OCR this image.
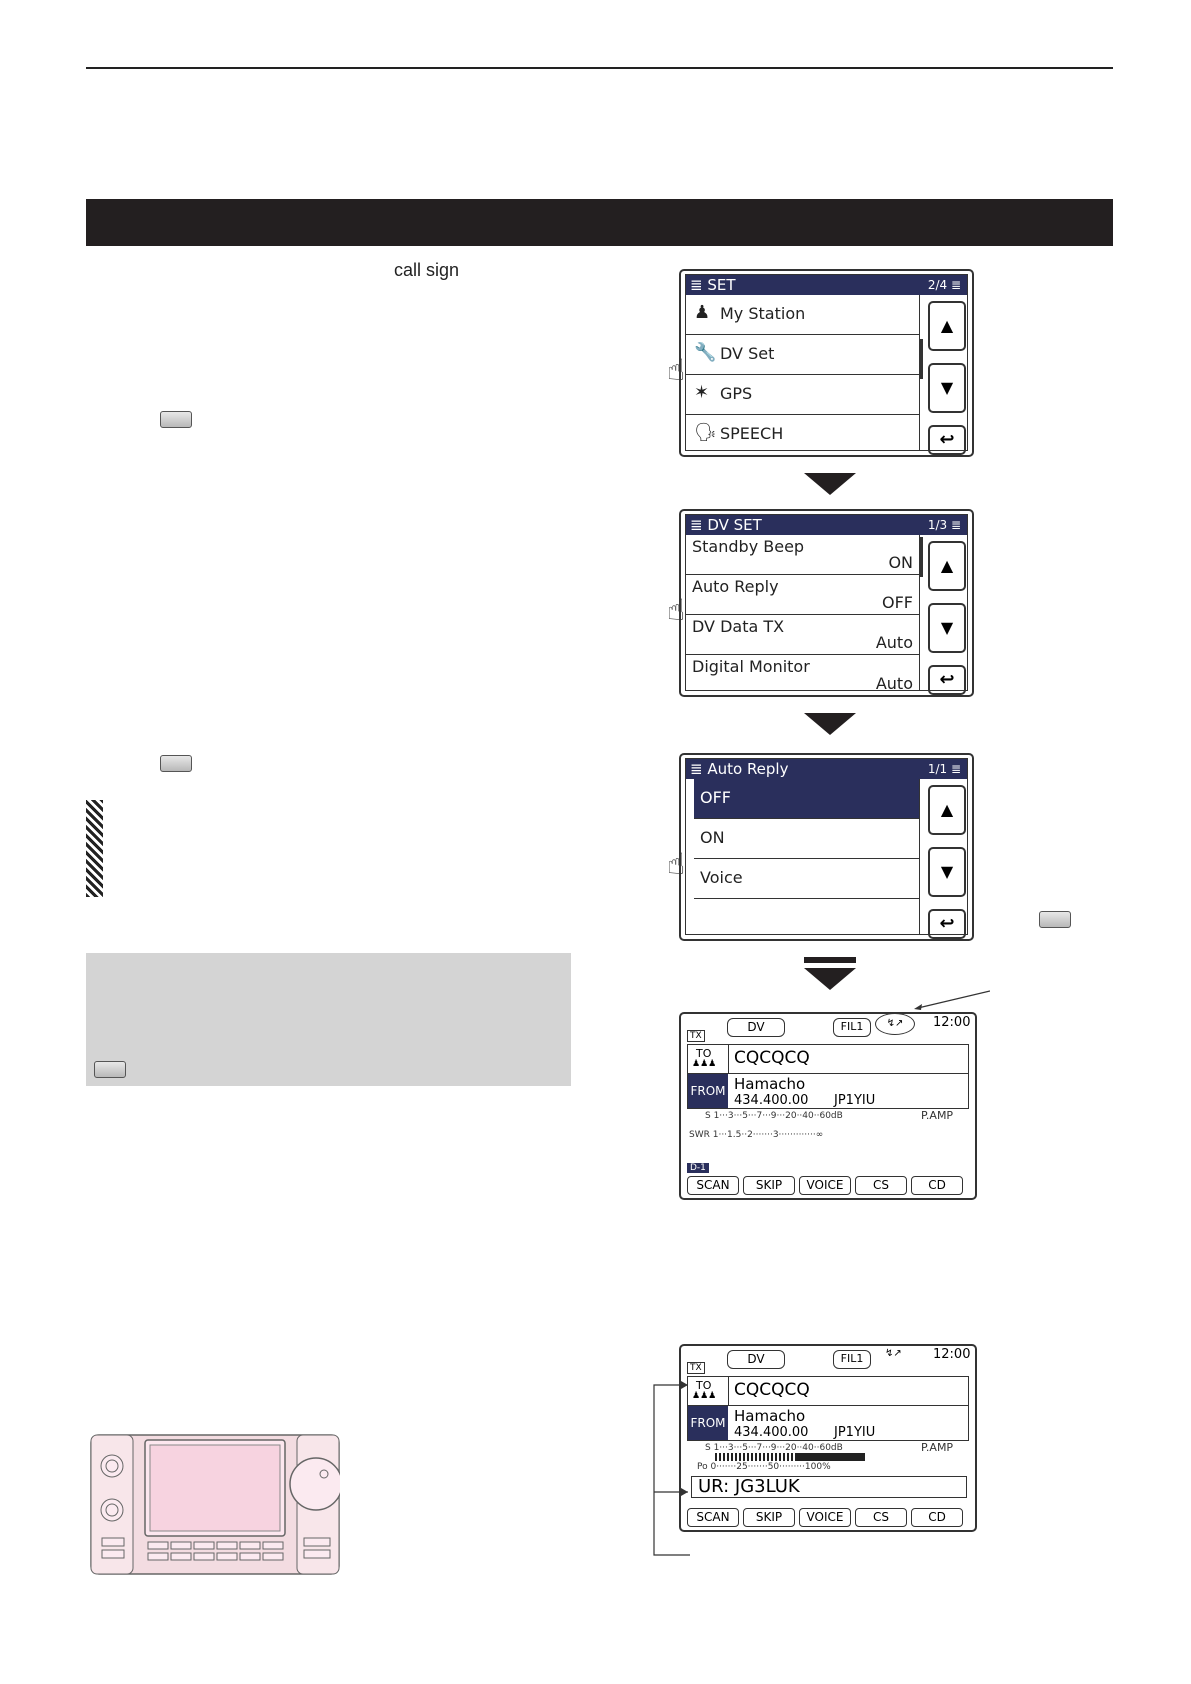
call sign
≣ SET	2/4 ≣
♟ My Station
🔧 DV Set
✶ GPS
🗣 SPEECH
▲
▼
↩
☝
≣ DV SET	1/3 ≣
Standby Beep
ON
Auto Reply
OFF
DV Data TX
Auto
Digital Monitor
Auto
▲
▼
↩
☝
≣ Auto Reply	1/1 ≣
OFF
ON
Voice
▲
▼
↩
☝
TX
DV	FIL1	↯↗	12:00
TO
♟♟♟ CQCQCQ
FROM Hamacho
434.400.00 JP1YIU
S 1···3···5···7···9···20··40··60dB	P.AMP
SWR 1···1.5··2·······3·············∞
D-1
SCAN	SKIP	VOICE	CS	CD
TX
DV	FIL1	↯↗ 12:00
TO
♟♟♟ CQCQCQ
FROM Hamacho
434.400.00 JP1YIU
S 1···3···5···7···9···20··40··60dB	P.AMP
Po 0·······25·······50·········100%
UR: JG3LUK
SCAN	SKIP	VOICE	CS	CD
